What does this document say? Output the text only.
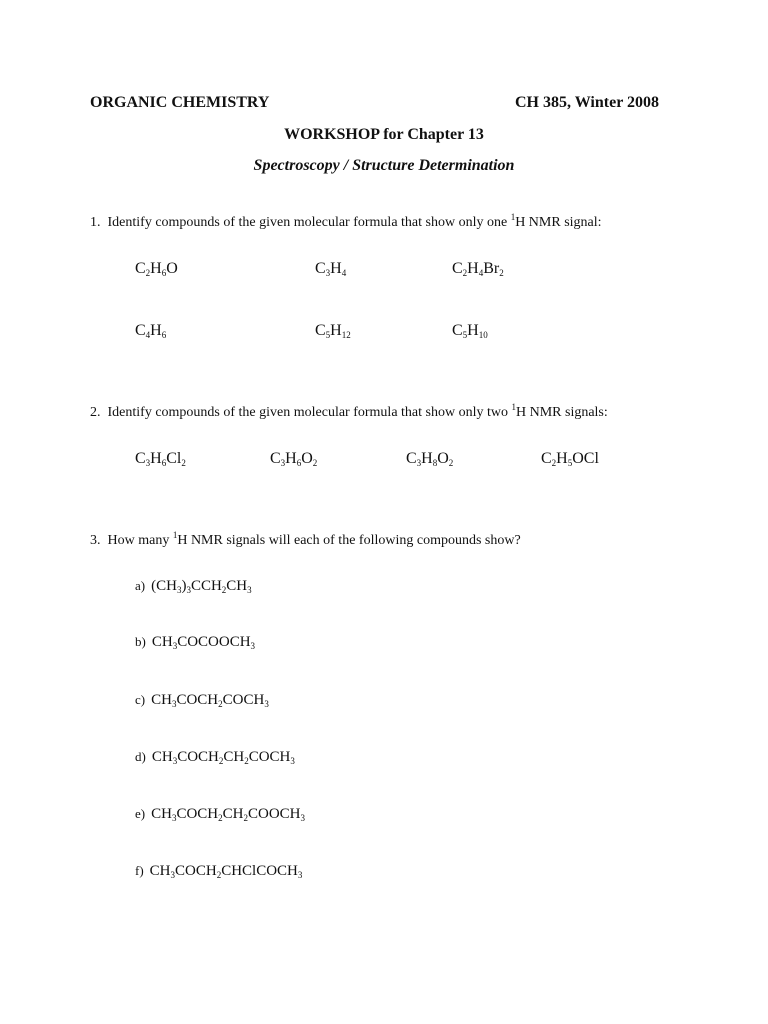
ORGANIC CHEMISTRY	CH 385, Winter 2008
WORKSHOP for Chapter 13
Spectroscopy / Structure Determination
1. Identify compounds of the given molecular formula that show only one $^1$H NMR signal:
$C_2H_6O$	$C_3H_4$	$C_2H_4Br_2$
$C_4H_6$	$C_5H_{12}$	$C_5H_{10}$
2. Identify compounds of the given molecular formula that show only two $^1$H NMR signals:
$C_3H_6Cl_2$	$C_3H_6O_2$	$C_3H_8O_2$	$C_2H_5OCl$
3. How many $^1$H NMR signals will each of the following compounds show?
a) $(CH_3)_3CCH_2CH_3$
b) $CH_3COCOOCH_3$
c) $CH_3COCH_2COCH_3$
d) $CH_3COCH_2CH_2COCH_3$
e) $CH_3COCH_2CH_2COOCH_3$
f) $CH_3COCH_2CHClCOCH_3$
